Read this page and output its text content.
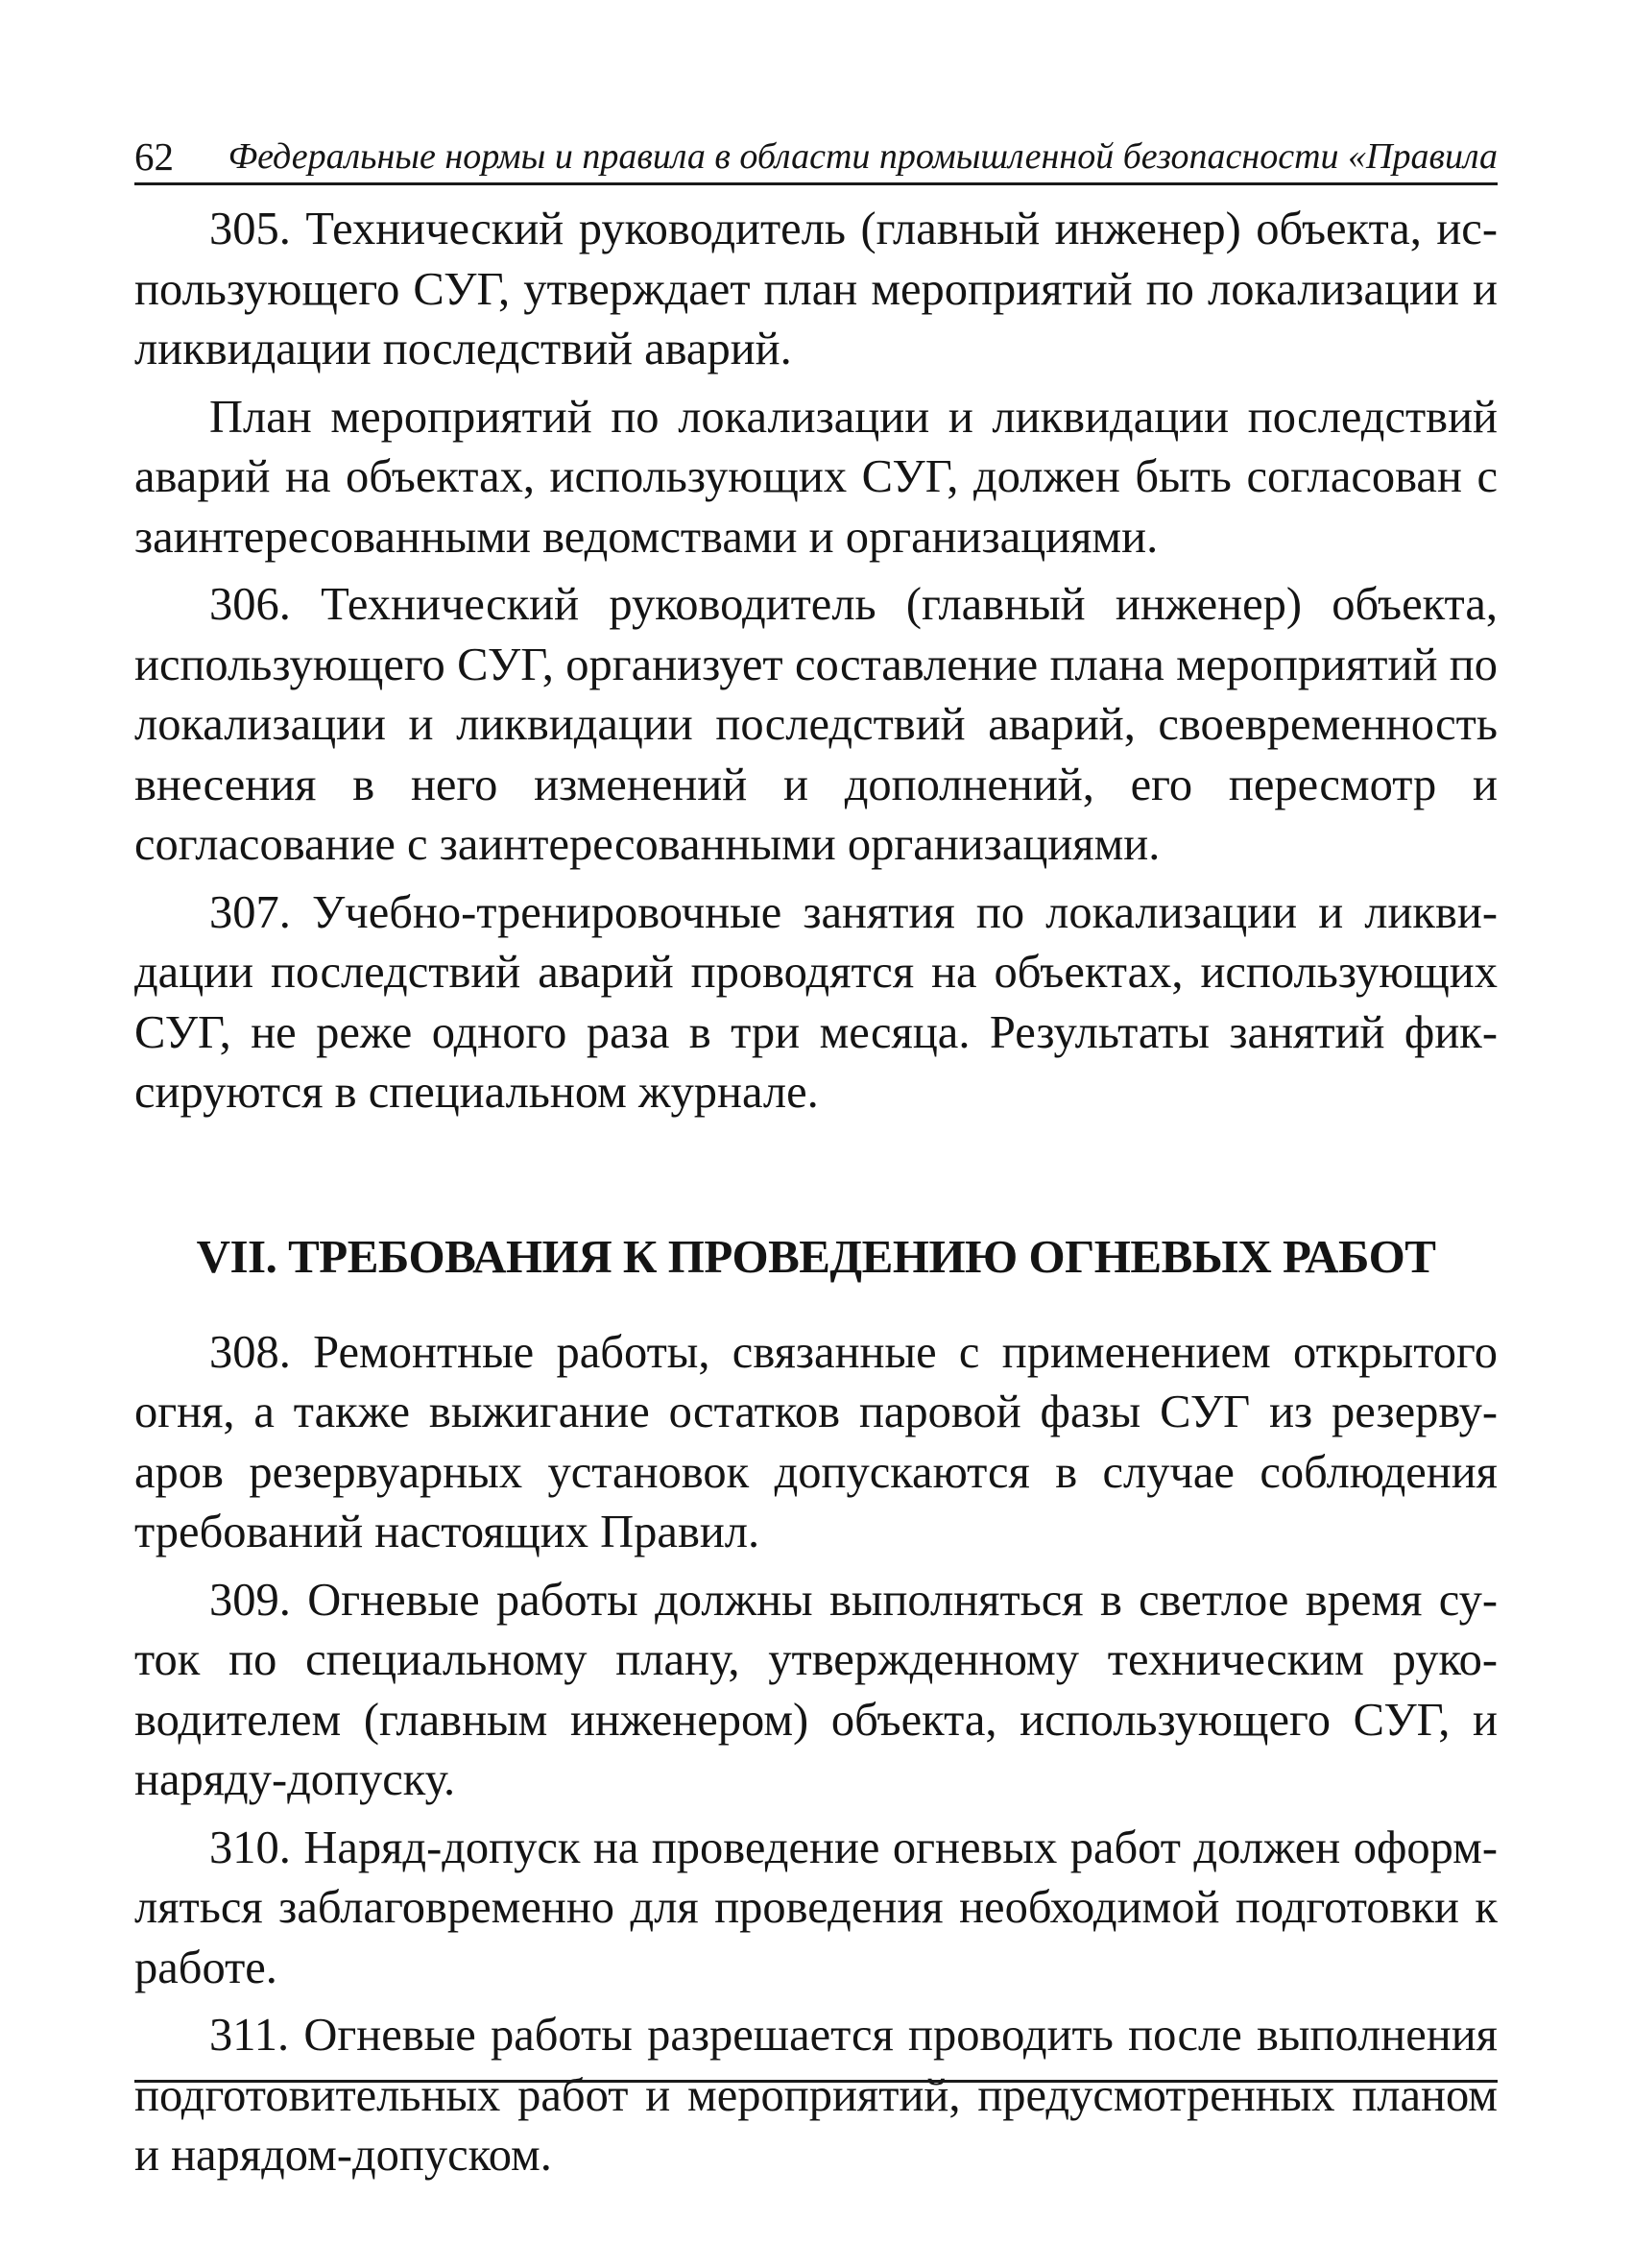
62 Федеральные нормы и правила в области промышленной безопасности «Правила

305. Технический руководитель (главный инженер) объекта, использующего СУГ, утверждает план мероприятий по локализации и ликвидации последствий аварий.

План мероприятий по локализации и ликвидации последствий аварий на объектах, использующих СУГ, должен быть согласован с заинтересованными ведомствами и организациями.

306. Технический руководитель (главный инженер) объекта, использующего СУГ, организует составление плана мероприятий по локализации и ликвидации последствий аварий, своевременность внесения в него изменений и дополнений, его пересмотр и согласование с заинтересованными организациями.

307. Учебно-тренировочные занятия по локализации и ликвидации последствий аварий проводятся на объектах, использующих СУГ, не реже одного раза в три месяца. Результаты занятий фиксируются в специальном журнале.

VII. ТРЕБОВАНИЯ К ПРОВЕДЕНИЮ ОГНЕВЫХ РАБОТ

308. Ремонтные работы, связанные с применением открытого огня, а также выжигание остатков паровой фазы СУГ из резервуаров резервуарных установок допускаются в случае соблюдения требований настоящих Правил.

309. Огневые работы должны выполняться в светлое время суток по специальному плану, утвержденному техническим руководителем (главным инженером) объекта, использующего СУГ, и наряду-допуску.

310. Наряд-допуск на проведение огневых работ должен оформляться заблаговременно для проведения необходимой подготовки к работе.

311. Огневые работы разрешается проводить после выполнения подготовительных работ и мероприятий, предусмотренных планом и нарядом-допуском.
